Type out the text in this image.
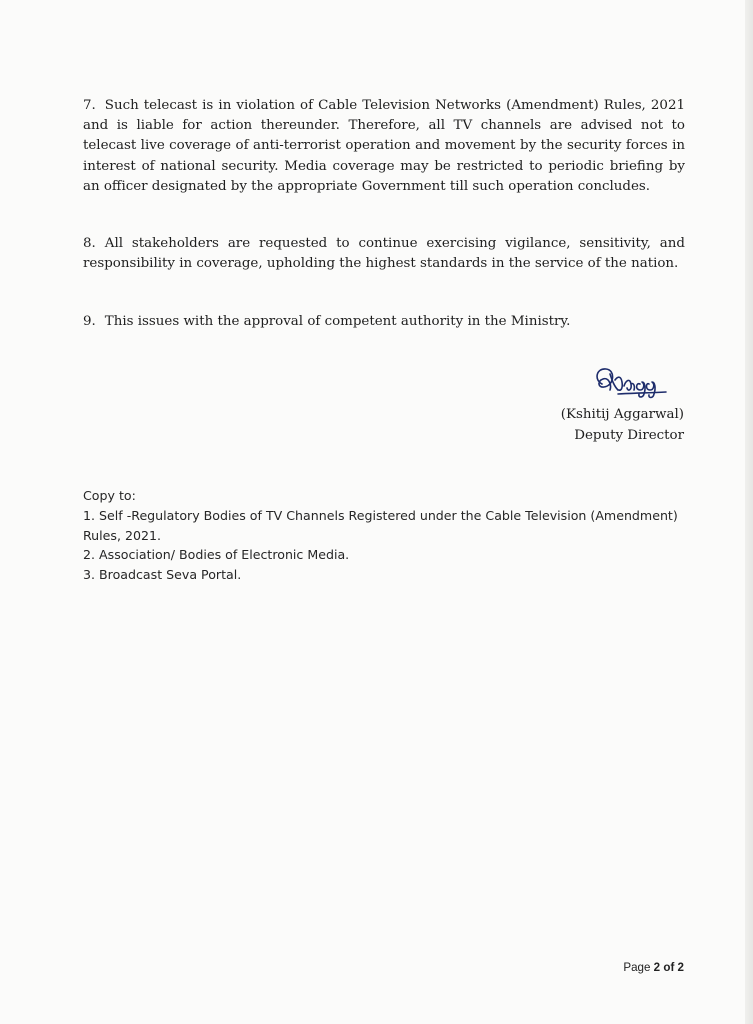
7. Such telecast is in violation of Cable Television Networks (Amendment) Rules, 2021 and is liable for action thereunder. Therefore, all TV channels are advised not to telecast live coverage of anti-terrorist operation and movement by the security forces in interest of national security. Media coverage may be restricted to periodic briefing by an officer designated by the appropriate Government till such operation concludes.

8. All stakeholders are requested to continue exercising vigilance, sensitivity, and responsibility in coverage, upholding the highest standards in the service of the nation.

9. This issues with the approval of competent authority in the Ministry.

(Kshitij Aggarwal)

Deputy Director

Copy to:

1. Self -Regulatory Bodies of TV Channels Registered under the Cable Television (Amendment) Rules, 2021.
2. Association/ Bodies of Electronic Media.
3. Broadcast Seva Portal.
Page 2 of 2
